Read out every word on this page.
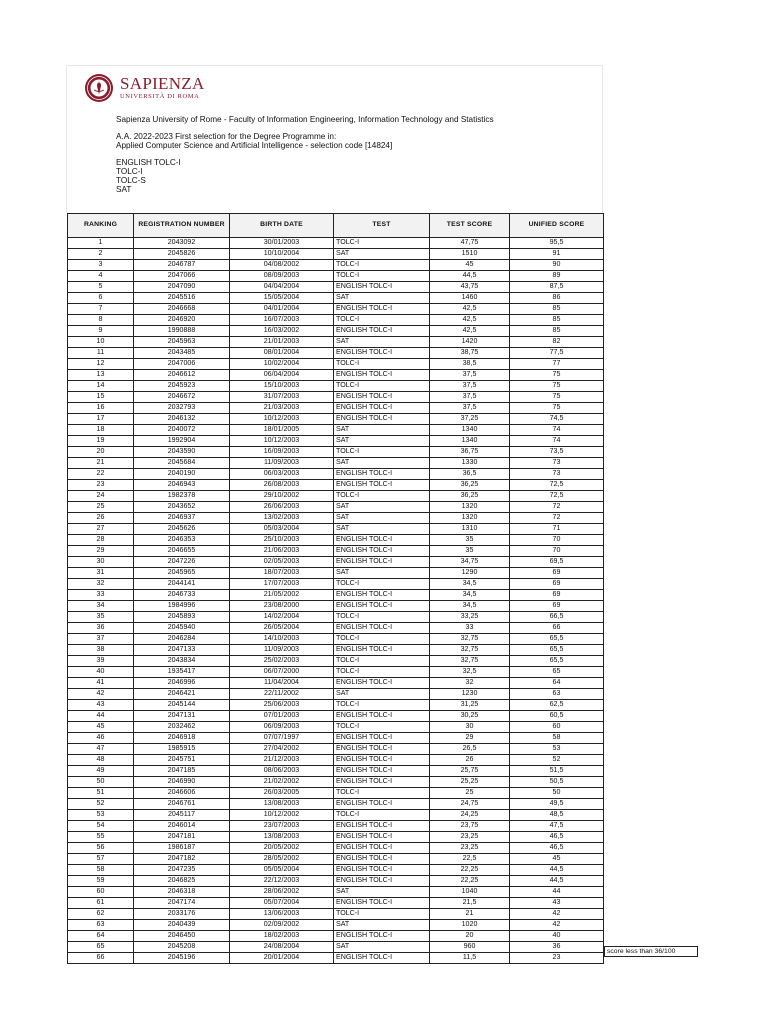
SAPIENZA
UNIVERSITÀ DI ROMA
Sapienza University of Rome - Faculty of Information Engineering, Information Technology and Statistics
A.A. 2022-2023 First selection for the Degree Programme in:
Applied Computer Science and Artificial Intelligence - selection code [14824]
ENGLISH TOLC-I
TOLC-I
TOLC-S
SAT
RANKING	REGISTRATION NUMBER	BIRTH DATE	TEST	TEST SCORE	UNIFIED SCORE
1	2043092	30/01/2003	TOLC-I	47,75	95,5
2	2045826	10/10/2004	SAT	1510	91
3	2046787	04/08/2002	TOLC-I	45	90
4	2047066	08/09/2003	TOLC-I	44,5	89
5	2047090	04/04/2004	ENGLISH TOLC-I	43,75	87,5
6	2045516	15/05/2004	SAT	1460	86
7	2046668	04/01/2004	ENGLISH TOLC-I	42,5	85
8	2046920	16/07/2003	TOLC-I	42,5	85
9	1990888	16/03/2002	ENGLISH TOLC-I	42,5	85
10	2045963	21/01/2003	SAT	1420	82
11	2043485	08/01/2004	ENGLISH TOLC-I	38,75	77,5
12	2047006	10/02/2004	TOLC-I	38,5	77
13	2046612	06/04/2004	ENGLISH TOLC-I	37,5	75
14	2045923	15/10/2003	TOLC-I	37,5	75
15	2046672	31/07/2003	ENGLISH TOLC-I	37,5	75
16	2032793	21/03/2003	ENGLISH TOLC-I	37,5	75
17	2046132	10/12/2003	ENGLISH TOLC-I	37,25	74,5
18	2040072	18/01/2005	SAT	1340	74
19	1992904	10/12/2003	SAT	1340	74
20	2043590	16/09/2003	TOLC-I	36,75	73,5
21	2045684	11/09/2003	SAT	1330	73
22	2040190	06/03/2003	ENGLISH TOLC-I	36,5	73
23	2046943	26/08/2003	ENGLISH TOLC-I	36,25	72,5
24	1982378	29/10/2002	TOLC-I	36,25	72,5
25	2043652	26/06/2003	SAT	1320	72
26	2046937	13/02/2003	SAT	1320	72
27	2045626	05/03/2004	SAT	1310	71
28	2046353	25/10/2003	ENGLISH TOLC-I	35	70
29	2046655	21/06/2003	ENGLISH TOLC-I	35	70
30	2047226	02/05/2003	ENGLISH TOLC-I	34,75	69,5
31	2045965	18/07/2003	SAT	1290	69
32	2044141	17/07/2003	TOLC-I	34,5	69
33	2046733	21/05/2002	ENGLISH TOLC-I	34,5	69
34	1984996	23/08/2000	ENGLISH TOLC-I	34,5	69
35	2045893	14/02/2004	TOLC-I	33,25	66,5
36	2045940	26/05/2004	ENGLISH TOLC-I	33	66
37	2046284	14/10/2003	TOLC-I	32,75	65,5
38	2047133	11/09/2003	ENGLISH TOLC-I	32,75	65,5
39	2043834	25/02/2003	TOLC-I	32,75	65,5
40	1935417	06/07/2000	TOLC-I	32,5	65
41	2046996	11/04/2004	ENGLISH TOLC-I	32	64
42	2046421	22/11/2002	SAT	1230	63
43	2045144	25/06/2003	TOLC-I	31,25	62,5
44	2047131	07/01/2003	ENGLISH TOLC-I	30,25	60,5
45	2032462	06/09/2003	TOLC-I	30	60
46	2046918	07/07/1997	ENGLISH TOLC-I	29	58
47	1985915	27/04/2002	ENGLISH TOLC-I	26,5	53
48	2045751	21/12/2003	ENGLISH TOLC-I	26	52
49	2047185	08/06/2003	ENGLISH TOLC-I	25,75	51,5
50	2046990	21/02/2002	ENGLISH TOLC-I	25,25	50,5
51	2046606	26/03/2005	TOLC-I	25	50
52	2046761	13/08/2003	ENGLISH TOLC-I	24,75	49,5
53	2045117	10/12/2002	TOLC-I	24,25	48,5
54	2046014	23/07/2003	ENGLISH TOLC-I	23,75	47,5
55	2047181	13/08/2003	ENGLISH TOLC-I	23,25	46,5
56	1986187	20/05/2002	ENGLISH TOLC-I	23,25	46,5
57	2047182	28/05/2002	ENGLISH TOLC-I	22,5	45
58	2047235	05/05/2004	ENGLISH TOLC-I	22,25	44,5
59	2046825	22/12/2003	ENGLISH TOLC-I	22,25	44,5
60	2046318	28/06/2002	SAT	1040	44
61	2047174	05/07/2004	ENGLISH TOLC-I	21,5	43
62	2033176	13/06/2003	TOLC-I	21	42
63	2040439	02/09/2002	SAT	1020	42
64	2046450	18/02/2003	ENGLISH TOLC-I	20	40
65	2045208	24/08/2004	SAT	960	36
66	2045196	20/01/2004	ENGLISH TOLC-I	11,5	23
score less than 36/100
